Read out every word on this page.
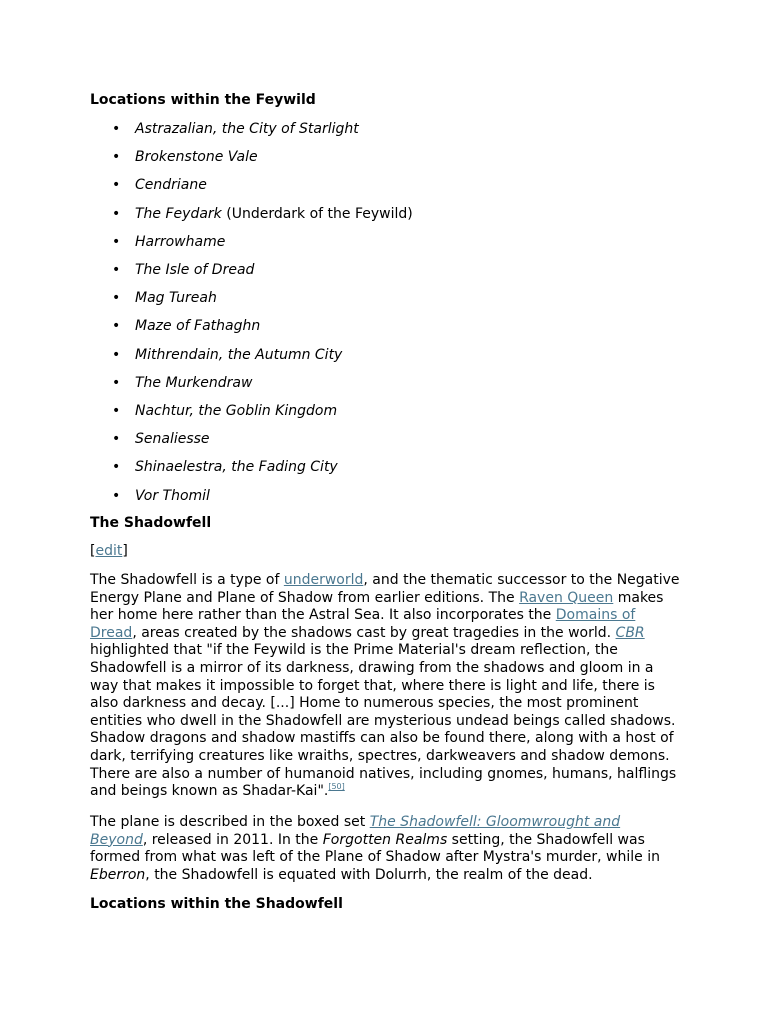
Locations within the Feywild
• Astrazalian, the City of Starlight
• Brokenstone Vale
• Cendriane
• The Feydark (Underdark of the Feywild)
• Harrowhame
• The Isle of Dread
• Mag Tureah
• Maze of Fathaghn
• Mithrendain, the Autumn City
• The Murkendraw
• Nachtur, the Goblin Kingdom
• Senaliesse
• Shinaelestra, the Fading City
• Vor Thomil
The Shadowfell
[edit]

The Shadowfell is a type of underworld, and the thematic successor to the Negative Energy Plane and Plane of Shadow from earlier editions. The Raven Queen makes her home here rather than the Astral Sea. It also incorporates the Domains of Dread, areas created by the shadows cast by great tragedies in the world. CBR highlighted that "if the Feywild is the Prime Material's dream reflection, the Shadowfell is a mirror of its darkness, drawing from the shadows and gloom in a way that makes it impossible to forget that, where there is light and life, there is also darkness and decay. [...] Home to numerous species, the most prominent entities who dwell in the Shadowfell are mysterious undead beings called shadows. Shadow dragons and shadow mastiffs can also be found there, along with a host of dark, terrifying creatures like wraiths, spectres, darkweavers and shadow demons. There are also a number of humanoid natives, including gnomes, humans, halflings and beings known as Shadar-Kai".[50]

The plane is described in the boxed set The Shadowfell: Gloomwrought and Beyond, released in 2011. In the Forgotten Realms setting, the Shadowfell was formed from what was left of the Plane of Shadow after Mystra's murder, while in Eberron, the Shadowfell is equated with Dolurrh, the realm of the dead.

Locations within the Shadowfell
